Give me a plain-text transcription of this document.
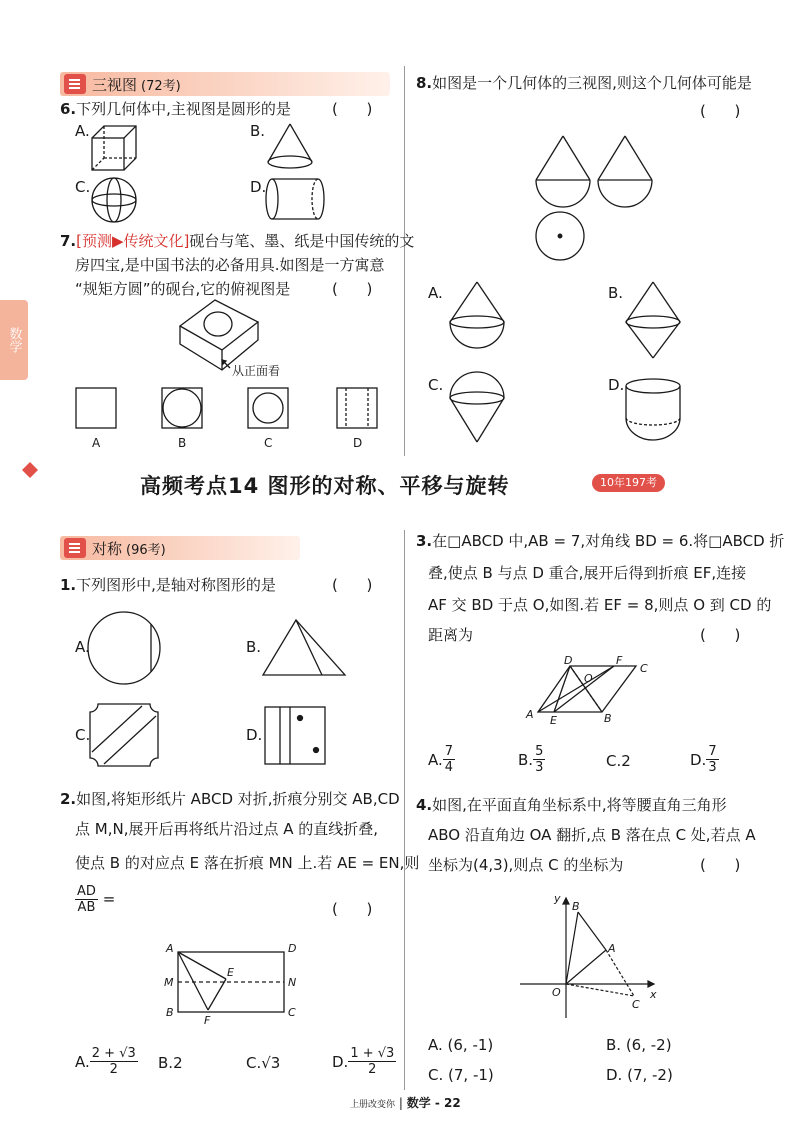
数学
三视图 (72考)
6.下列几何体中,主视图是圆形的是	(      )
A.	B.
C.	D.
7.[预测▶传统文化]砚台与笔、墨、纸是中国传统的文
房四宝,是中国书法的必备用具.如图是一方寓意
“规矩方圆”的砚台,它的俯视图是	(      )
从正面看
A	B	C	D
8.如图是一个几何体的三视图,则这个几何体可能是
(      )
A.	B.
C.	D.
高频考点14 图形的对称、平移与旋转	10年197考
对称 (96考)
1.下列图形中,是轴对称图形的是	(      )
A.	B.
C.	D.
2.如图,将矩形纸片 ABCD 对折,折痕分别交 AB,CD
点 M,N,展开后再将纸片沿过点 A 的直线折叠,
使点 B 的对应点 E 落在折痕 MN 上.若 AE = EN,则
$\frac{AD}{AB}$ =
(      )
A	D
M	N
B	C
E
F
A. $\frac{2 + √3}{2} B.2$	C.√3	D. $\frac{1 + √3}{2}$
3.在□ABCD 中,AB = 7,对角线 BD = 6.将□ABCD 折
叠,使点 B 与点 D 重合,展开后得到折痕 EF,连接
AF 交 BD 于点 O,如图.若 EF = 8,则点 O 到 CD 的
距离为	(      )
D	F
C
O
A E	B
A. $\frac{7}{4}$	B. $\frac{5}{3}$	C.2	D. $\frac{7}{3}$
4.如图,在平面直角坐标系中,将等腰直角三角形
ABO 沿直角边 OA 翻折,点 B 落在点 C 处,若点 A
坐标为(4,3),则点 C 的坐标为	(      )
y
x
B
A
O
C
A. (6, -1)	B. (6, -2)
C. (7, -1)	D. (7, -2)
上册改变你 | 数学 - 22
